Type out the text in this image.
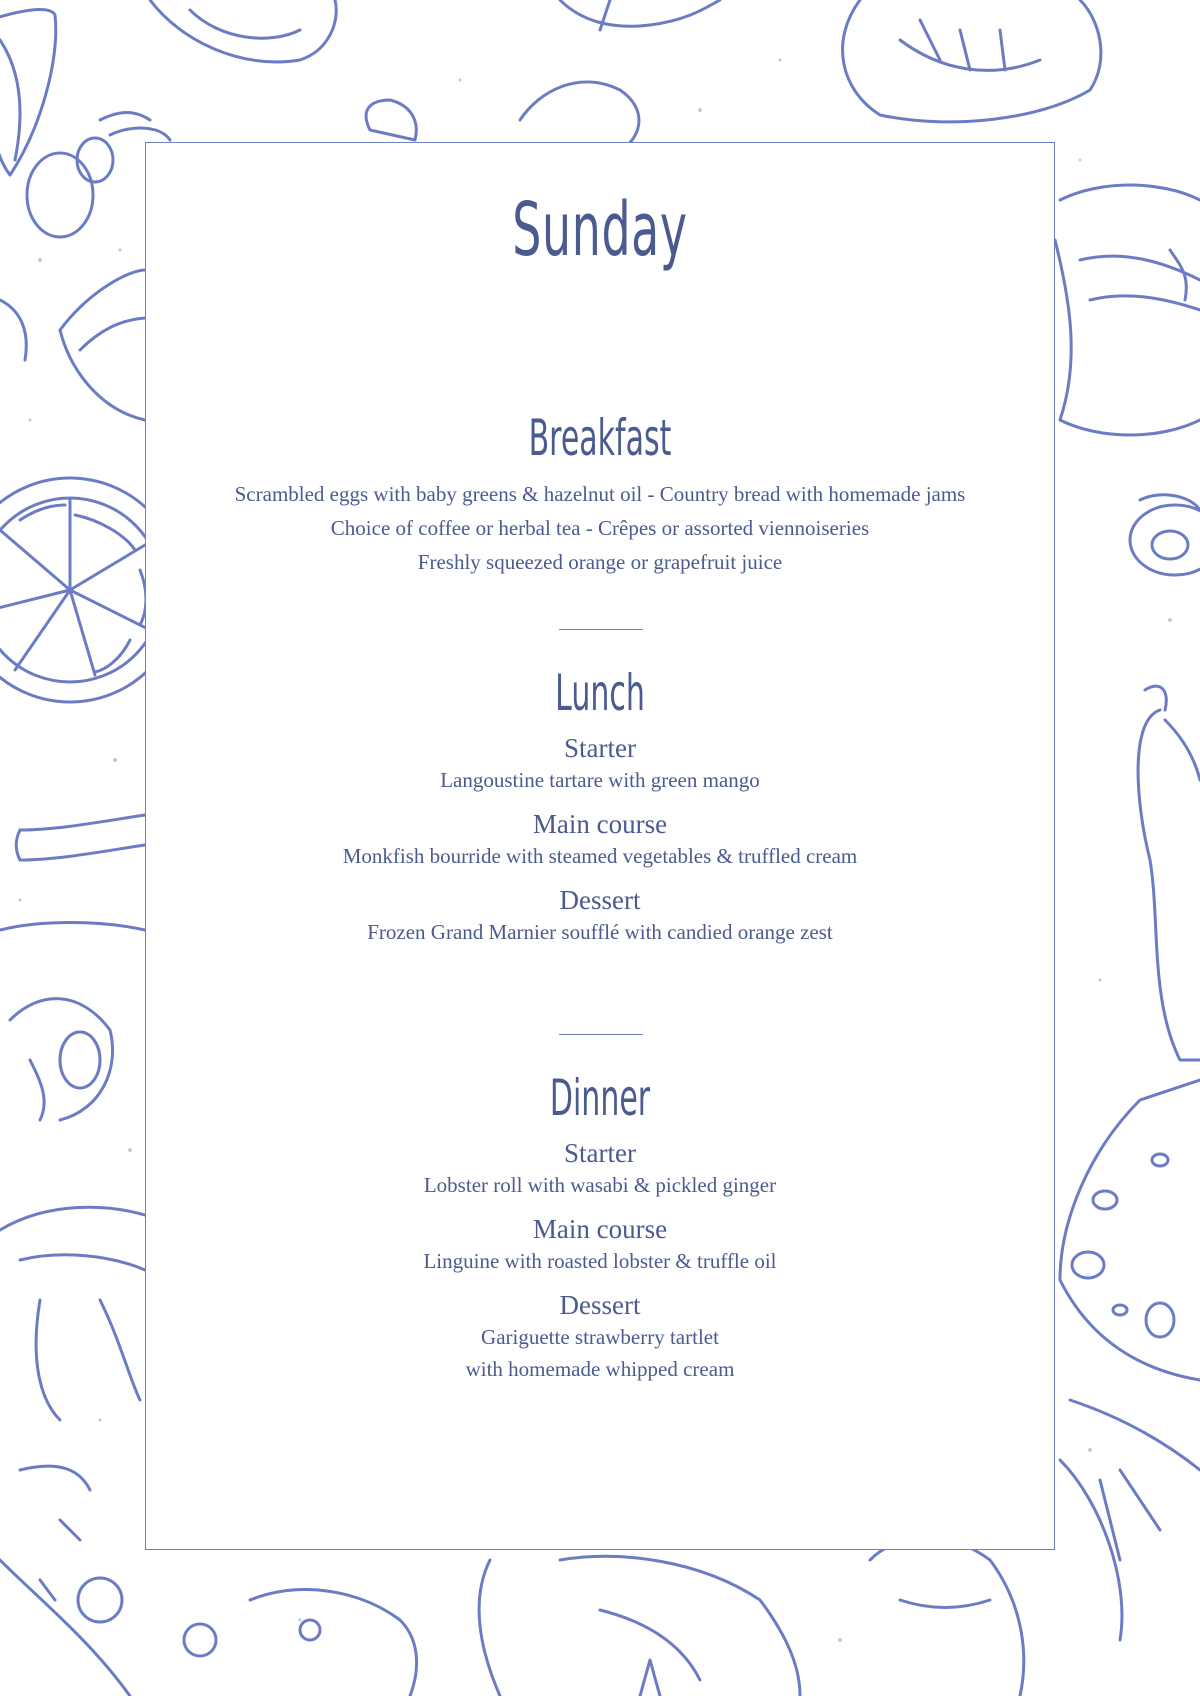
Sunday
Breakfast
Scrambled eggs with baby greens & hazelnut oil - Country bread with homemade jams
Choice of coffee or herbal tea - Crêpes or assorted viennoiseries
Freshly squeezed orange or grapefruit juice
Lunch
Starter
Langoustine tartare with green mango
Main course
Monkfish bourride with steamed vegetables & truffled cream
Dessert
Frozen Grand Marnier soufflé with candied orange zest
Dinner
Starter
Lobster roll with wasabi & pickled ginger
Main course
Linguine with roasted lobster & truffle oil
Dessert
Gariguette strawberry tartlet
with homemade whipped cream
